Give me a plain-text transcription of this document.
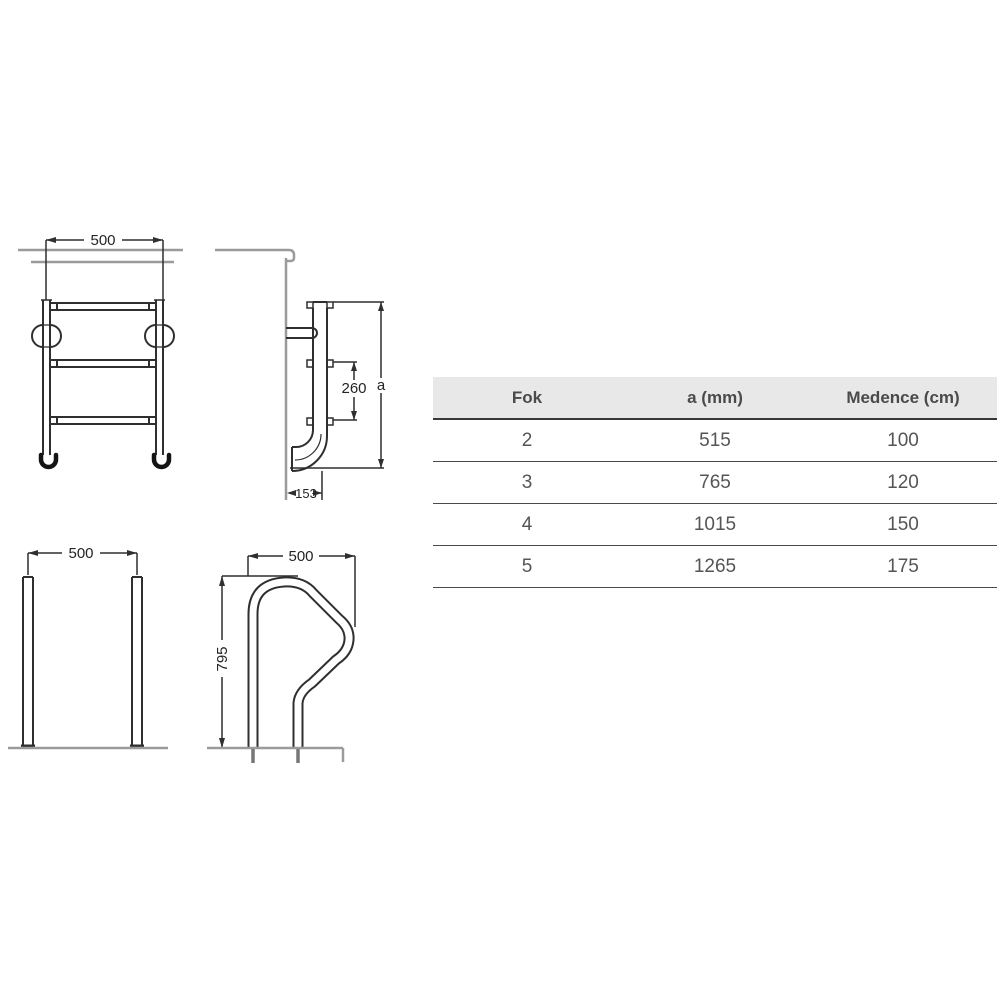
500
260 a
153
500	500
795
Fok	a (mm)	Medence (cm)
2	515	100
3	765	120
4	1015	150
5	1265	175
